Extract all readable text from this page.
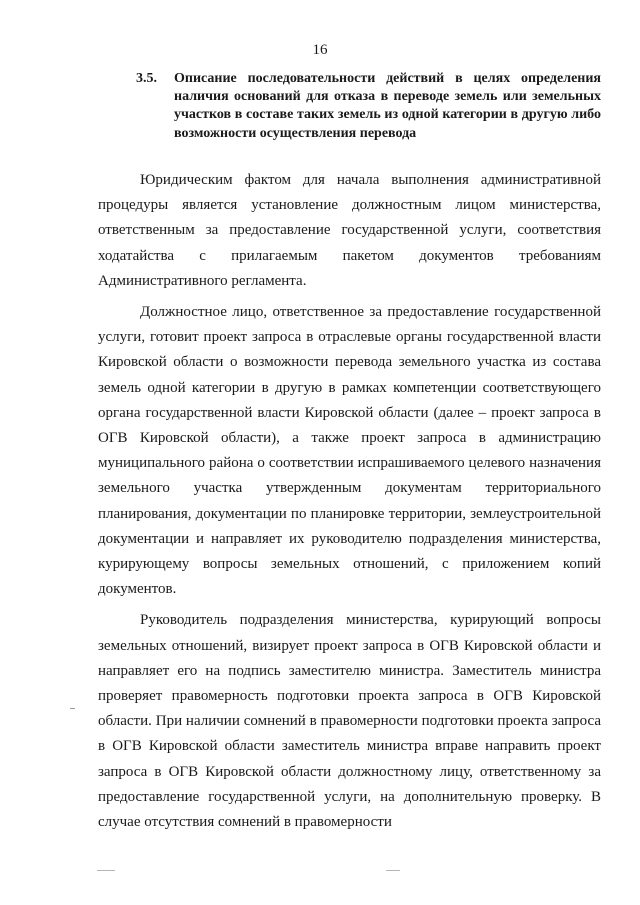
16
3.5.	Описание последовательности действий в целях определения наличия оснований для отказа в переводе земель или земельных участков в составе таких земель из одной категории в другую либо возможности осуществления перевода

Юридическим фактом для начала выполнения административной процедуры является установление должностным лицом министерства, ответственным за предоставление государственной услуги, соответствия ходатайства с прилагаемым пакетом документов требованиям Административного регламента.

Должностное лицо, ответственное за предоставление государственной услуги, готовит проект запроса в отраслевые органы государственной власти Кировской области о возможности перевода земельного участка из состава земель одной категории в другую в рамках компетенции соответствующего органа государственной власти Кировской области (далее – проект запроса в ОГВ Кировской области), а также проект запроса в администрацию муниципального района о соответствии испрашиваемого целевого назначения земельного участка утвержденным документам территориального планирования, документации по планировке территории, землеустроительной документации и направляет их руководителю подразделения министерства, курирующему вопросы земельных отношений, с приложением копий документов.

Руководитель подразделения министерства, курирующий вопросы земельных отношений, визирует проект запроса в ОГВ Кировской области и направляет его на подпись заместителю министра. Заместитель министра проверяет правомерность подготовки проекта запроса в ОГВ Кировской области. При наличии сомнений в правомерности подготовки проекта запроса в ОГВ Кировской области заместитель министра вправе направить проект запроса в ОГВ Кировской области должностному лицу, ответственному за предоставление государственной услуги, на дополнительную проверку. В случае отсутствия сомнений в правомерности
